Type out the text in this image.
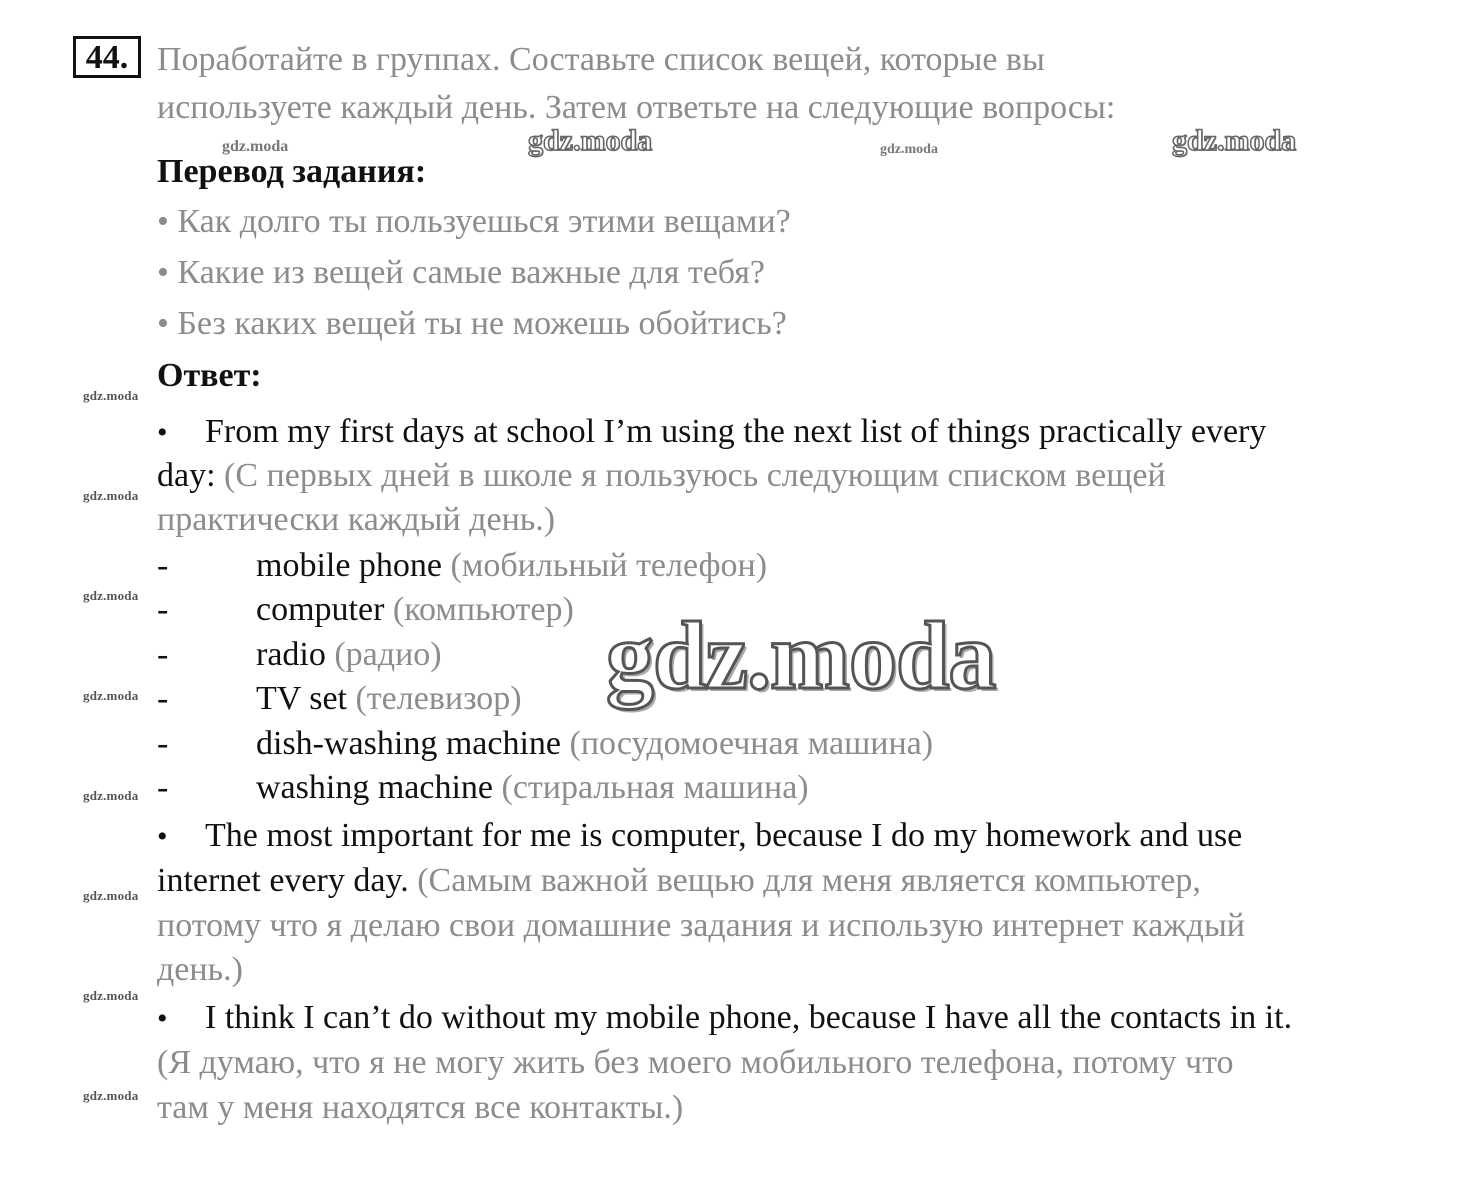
44. Поработайте в группах. Составьте список вещей, которые вы
используете каждый день. Затем ответьте на следующие вопросы:
Перевод задания:
• Как долго ты пользуешься этими вещами?
• Какие из вещей самые важные для тебя?
• Без каких вещей ты не можешь обойтись?
Ответ:
• From my first days at school I’m using the next list of things practically every
day: (С первых дней в школе я пользуюсь следующим списком вещей
практически каждый день.)
-	mobile phone (мобильный телефон)
-	computer (компьютер)
-	radio (радио)
-	TV set (телевизор)
-	dish-washing machine (посудомоечная машина)
-	washing machine (стиральная машина)
• The most important for me is computer, because I do my homework and use
internet every day. (Самым важной вещью для меня является компьютер,
потому что я делаю свои домашние задания и использую интернет каждый
день.)
• I think I can’t do without my mobile phone, because I have all the contacts in it.
(Я думаю, что я не могу жить без моего мобильного телефона, потому что
там у меня находятся все контакты.)
gdz.moda	gdz.moda	gdz.moda	gdz.moda
gdz.moda
gdz.moda
gdz.moda
gdz.moda
gdz.moda
gdz.moda
gdz.moda
gdz.moda
gdz.moda
